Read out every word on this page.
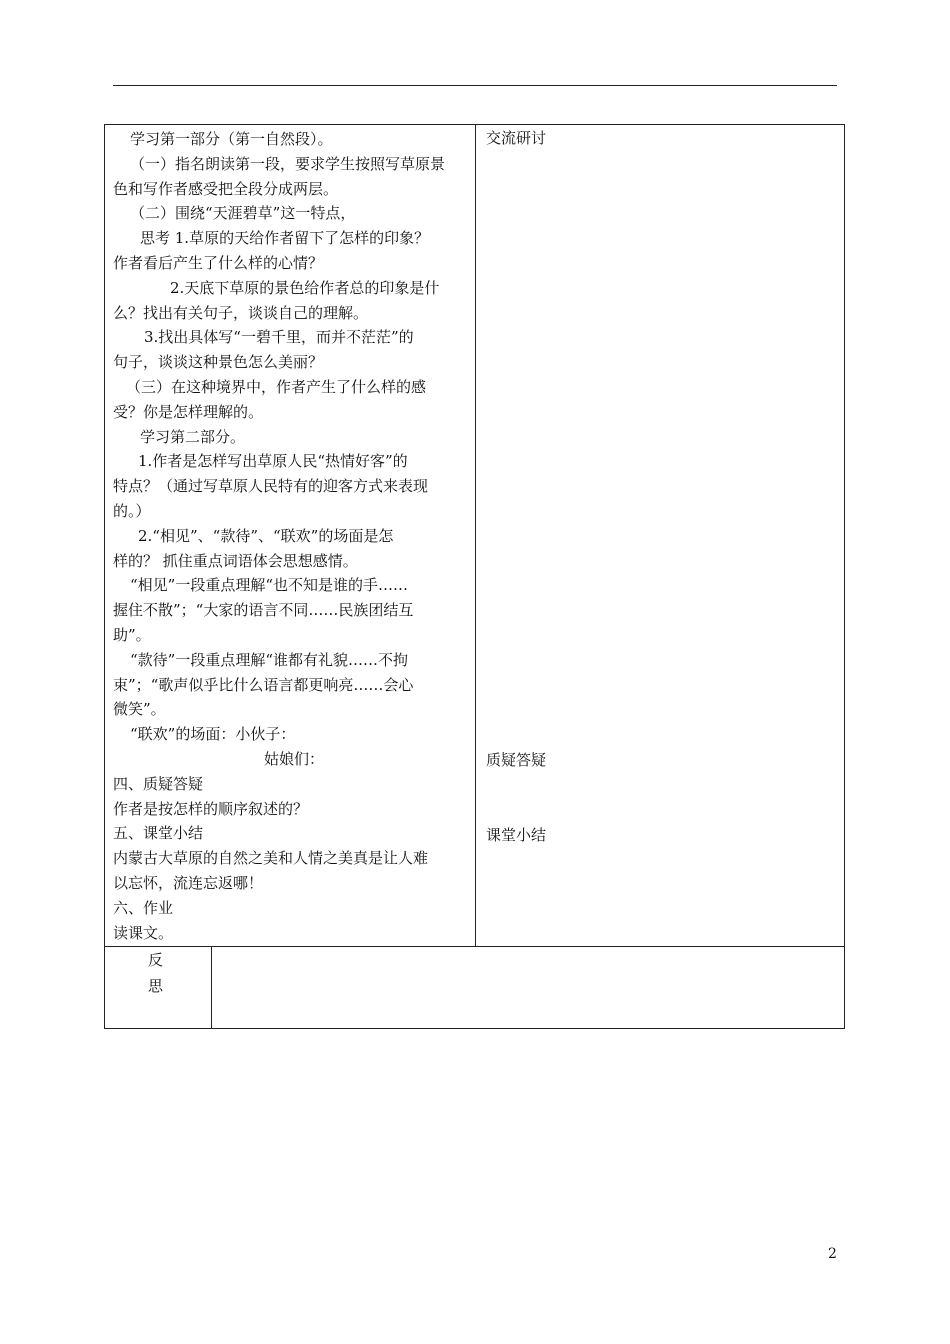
学习第一部分（第一自然段）。
（一）指名朗读第一段，要求学生按照写草原景
色和写作者感受把全段分成两层。
（二）围绕“天涯碧草”这一特点，
思考 1.草原的天给作者留下了怎样的印象？
作者看后产生了什么样的心情？
2.天底下草原的景色给作者总的印象是什
么？找出有关句子，谈谈自己的理解。
3.找出具体写“一碧千里，而并不茫茫”的
句子，谈谈这种景色怎么美丽？
（三）在这种境界中，作者产生了什么样的感
受？你是怎样理解的。
学习第二部分。
1.作者是怎样写出草原人民“热情好客”的
特点？（通过写草原人民特有的迎客方式来表现
的。）
2.“相见”、“款待”、“联欢”的场面是怎
样的？ 抓住重点词语体会思想感情。
“相见”一段重点理解“也不知是谁的手……
握住不散”；“大家的语言不同……民族团结互
助”。
“款待”一段重点理解“谁都有礼貌……不拘
束”；“歌声似乎比什么语言都更响亮……会心
微笑”。
“联欢”的场面：小伙子：
姑娘们：
四、质疑答疑
作者是按怎样的顺序叙述的？
五、课堂小结
内蒙古大草原的自然之美和人情之美真是让人难
以忘怀，流连忘返哪！
六、作业
读课文。
交流研讨
质疑答疑
课堂小结
反
思
2
